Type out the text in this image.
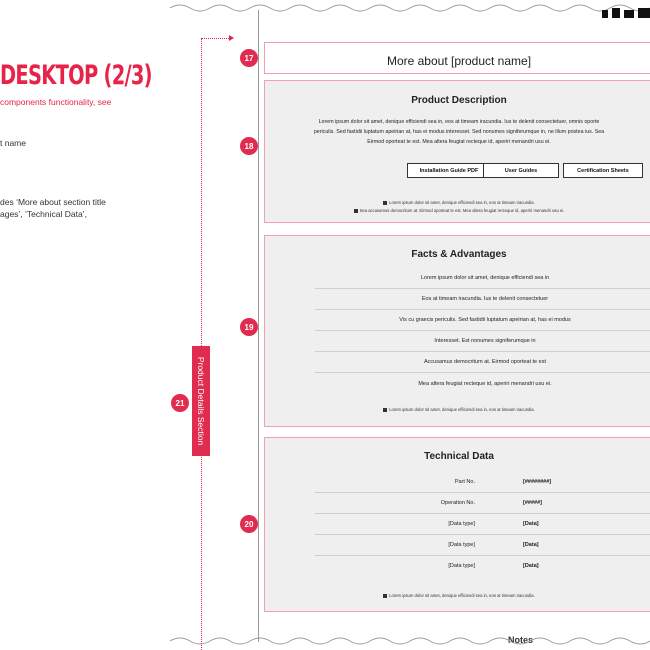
DESKTOP (2/3)
components functionality, see
t name
des ‘More about section title
ages’, ‘Technical Data’,
Product Details Section
21
17	More about [product name]
18
Product Description
Lorem ipsum dolor sit amet, denique efficiendi sea in, eos at timeam iracundia. Ius te delenit consectetuer, omnis oporte
periculis. Sed fastidii luptatum apeirian at, has ei modus interesset. Sed nonumes signiferumque in, ne illum postea ius. Sea
Eirmod oporteat te est. Mea altera feugiat recteque id, aperiri menandri usu ei.
Installation Guide PDF	User Guides	Certification Sheets
Lorem ipsum dolor sit amet, denique efficiendi sea in, eos at timeam iracundia.
Sea accusamus democritum at. Eirmod oporteat te est. Mea altera feugiat recteque id, aperiri menandri usu ei.
19
Facts & Advantages
Lorem ipsum dolor sit amet, denique efficiendi sea in
Eos at timeam iracundia. Ius te delenit consectetuer
Vis cu graecis periculis. Sed fastidii luptatum apeirian at, has ei modus
Interesset. Est nonumes signiferumque in
Accusamus democritum at. Eirmod oporteat te est
Mea altera feugiat recteque id, aperiri menandri usu ei.
Lorem ipsum dolor sit amet, denique efficiendi sea in, eos at timeam iracundia.
20
Technical Data
Part No.	[########]
Operation No.	[#####]
[Data type]	[Data]
[Data type]	[Data]
[Data type]	[Data]
Lorem ipsum dolor sit amet, denique efficiendi sea in, eos at timeam iracundia.
Notes
